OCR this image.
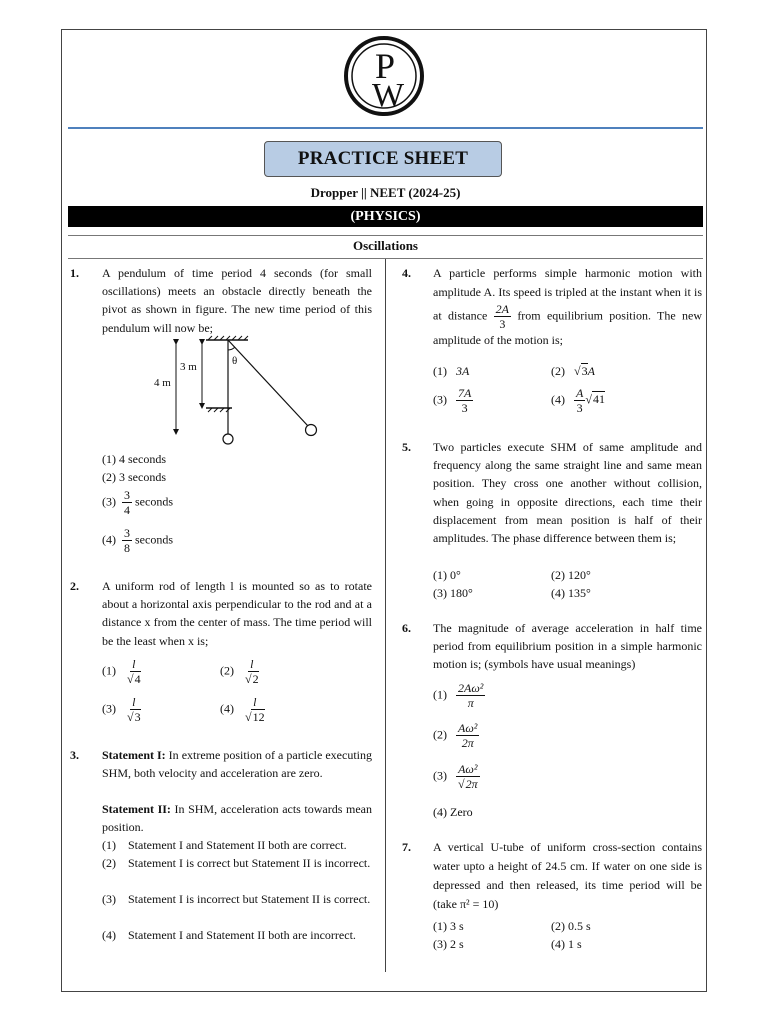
P
W
PRACTICE SHEET
Dropper || NEET (2024-25)
(PHYSICS)
Oscillations
1. A pendulum of time period 4 seconds (for small oscillations) meets an obstacle directly beneath the pivot as shown in figure. The new time period of this pendulum will now be;
4 m
3 m	θ
(1) 4 seconds
(2) 3 seconds
$(3) \frac{3}{4}$ seconds
$(4) \frac{3}{8}$ seconds
2. A uniform rod of length l is mounted so as to rotate about a horizontal axis perpendicular to the rod and at a distance x from the center of mass. The time period will be the least when x is;
$(1) \frac{l}{√4}$	$(2) \frac{l}{√2}$
$(3) \frac{l}{√3}$	$(4) \frac{l}{√12}$
3. Statement I: In extreme position of a particle executing SHM, both velocity and acceleration are zero.
Statement II: In SHM, acceleration acts towards mean position.
(1) Statement I and Statement II both are correct.
(2) Statement I is correct but Statement II is incorrect.
(3) Statement I is incorrect but Statement II is correct.
(4) Statement I and Statement II both are incorrect.
4. A particle performs simple harmonic motion with amplitude A. Its speed is tripled at the instant when it is at distance $\frac{2A}{3}$ from equilibrium position. The new amplitude of the motion is;
(1) 3A	(2)   √3A
$(3) \frac{7A}{3}$	$(4) \frac{A}{3} √41$
5. Two particles execute SHM of same amplitude and frequency along the same straight line and same mean position. They cross one another without collision, when going in opposite directions, each time their displacement from mean position is half of their amplitudes. The phase difference between them is;
(1) 0°	(2) 120°
(3) 180°	(4) 135°
6. The magnitude of average acceleration in half time period from equilibrium position in a simple harmonic motion is; (symbols have usual meanings)
$(1) \frac{\text{2Aω²}}{\pi}$
$(2) \frac{\text{Aω²}}{2\pi}$
$(3) \frac{\text{Aω²}}{√2\pi}$
(4) Zero
7. A vertical U-tube of uniform cross-section contains water upto a height of 24.5 cm. If water on one side is depressed and then released, its time period will be (take π² = 10)
(1) 3 s	(2) 0.5 s
(3) 2 s	(4) 1 s
